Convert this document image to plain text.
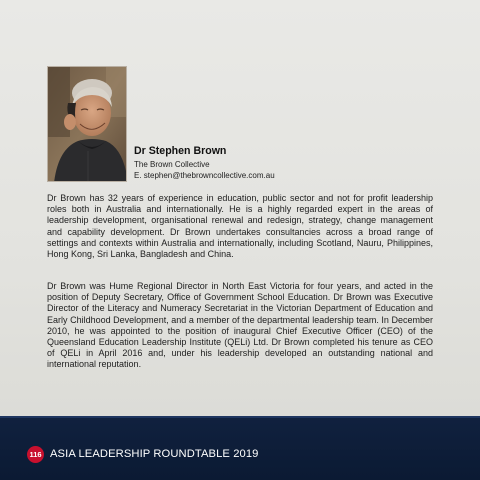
Dr Stephen Brown
The Brown Collective
E. stephen@thebrowncollective.com.au

Dr Brown has 32 years of experience in education, public sector and not for profit leadership roles both in Australia and internationally. He is a highly regarded expert in the areas of leadership development, organisational renewal and redesign, strategy, change management and capability development. Dr Brown undertakes consultancies across a broad range of settings and contexts within Australia and internationally, including Scotland, Nauru, Philippines, Hong Kong, Sri Lanka, Bangladesh and China.

Dr Brown was Hume Regional Director in North East Victoria for four years, and acted in the position of Deputy Secretary, Office of Government School Education. Dr Brown was Executive Director of the Literacy and Numeracy Secretariat in the Victorian Department of Education and Early Childhood Development, and a member of the departmental leadership team. In December 2010, he was appointed to the position of inaugural Chief Executive Officer (CEO) of the Queensland Education Leadership Institute (QELi) Ltd. Dr Brown completed his tenure as CEO of QELi in April 2016 and, under his leadership developed an outstanding national and international reputation.

116 ASIA LEADERSHIP ROUNDTABLE 2019
